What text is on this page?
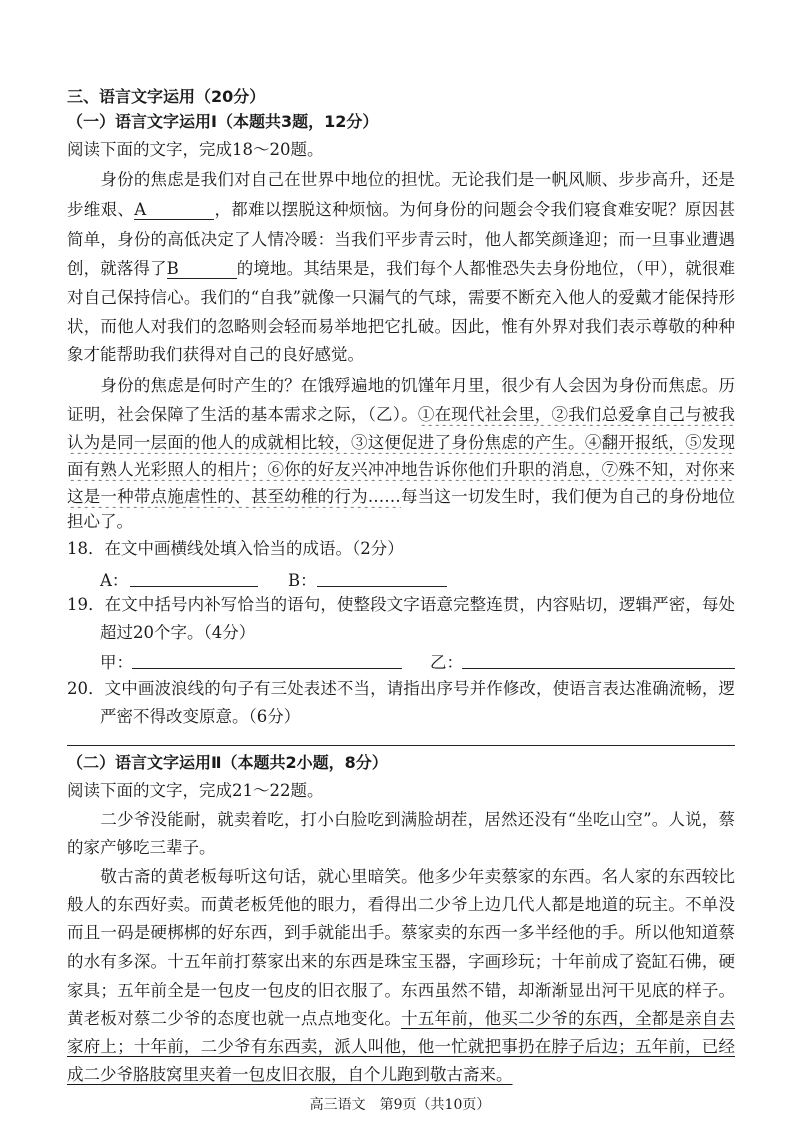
三、语言文字运用（20分）
（一）语言文字运用Ⅰ（本题共3题，12分）
阅读下面的文字，完成18～20题。
　　身份的焦虑是我们对自己在世界中地位的担忧。无论我们是一帆风顺、步步高升，还是
步维艰、A	，都难以摆脱这种烦恼。为何身份的问题会令我们寝食难安呢？原因甚
简单，身份的高低决定了人情冷暖：当我们平步青云时，他人都笑颜逢迎；而一旦事业遭遇
创，就落得了B	的境地。其结果是，我们每个人都惟恐失去身份地位，（甲），就很难
对自己保持信心。我们的“自我”就像一只漏气的气球，需要不断充入他人的爱戴才能保持形
状，而他人对我们的忽略则会轻而易举地把它扎破。因此，惟有外界对我们表示尊敬的种种
象才能帮助我们获得对自己的良好感觉。
　　身份的焦虑是何时产生的？在饿殍遍地的饥馑年月里，很少有人会因为身份而焦虑。历
证明，社会保障了生活的基本需求之际，（乙）。①在现代社会里，②我们总爱拿自己与被我
认为是同一层面的他人的成就相比较，③这便促进了身份焦虑的产生。④翻开报纸，⑤发现
面有熟人光彩照人的相片；⑥你的好友兴冲冲地告诉你他们升职的消息，⑦殊不知，对你来
这是一种带点施虐性的、甚至幼稚的行为……每当这一切发生时，我们便为自己的身份地位
担心了。
18．在文中画横线处填入恰当的成语。（2分）
A：	B：
19．在文中括号内补写恰当的语句，使整段文字语意完整连贯，内容贴切，逻辑严密，每处
　　超过20个字。（4分）
甲：	乙：
20．文中画波浪线的句子有三处表述不当，请指出序号并作修改，使语言表达准确流畅，逻
　　严密不得改变原意。（6分）
（二）语言文字运用Ⅱ（本题共2小题，8分）
阅读下面的文字，完成21～22题。
　　二少爷没能耐，就卖着吃，打小白脸吃到满脸胡茬，居然还没有“坐吃山空”。人说，蔡
的家产够吃三辈子。
　　敬古斋的黄老板每听这句话，就心里暗笑。他多少年卖蔡家的东西。名人家的东西较比
般人的东西好卖。而黄老板凭他的眼力，看得出二少爷上边几代人都是地道的玩主。不单没
而且一码是硬梆梆的好东西，到手就能出手。蔡家卖的东西一多半经他的手。所以他知道蔡
的水有多深。十五年前打蔡家出来的东西是珠宝玉器，字画珍玩；十年前成了瓷缸石佛，硬
家具；五年前全是一包皮一包皮的旧衣服了。东西虽然不错，却渐渐显出河干见底的样子。
黄老板对蔡二少爷的态度也就一点点地变化。十五年前，他买二少爷的东西，全都是亲自去
家府上；十年前，二少爷有东西卖，派人叫他，他一忙就把事扔在脖子后边；五年前，已经
成二少爷胳肢窝里夹着一包皮旧衣服，自个儿跑到敬古斋来。
高三语文　第9页（共10页）
